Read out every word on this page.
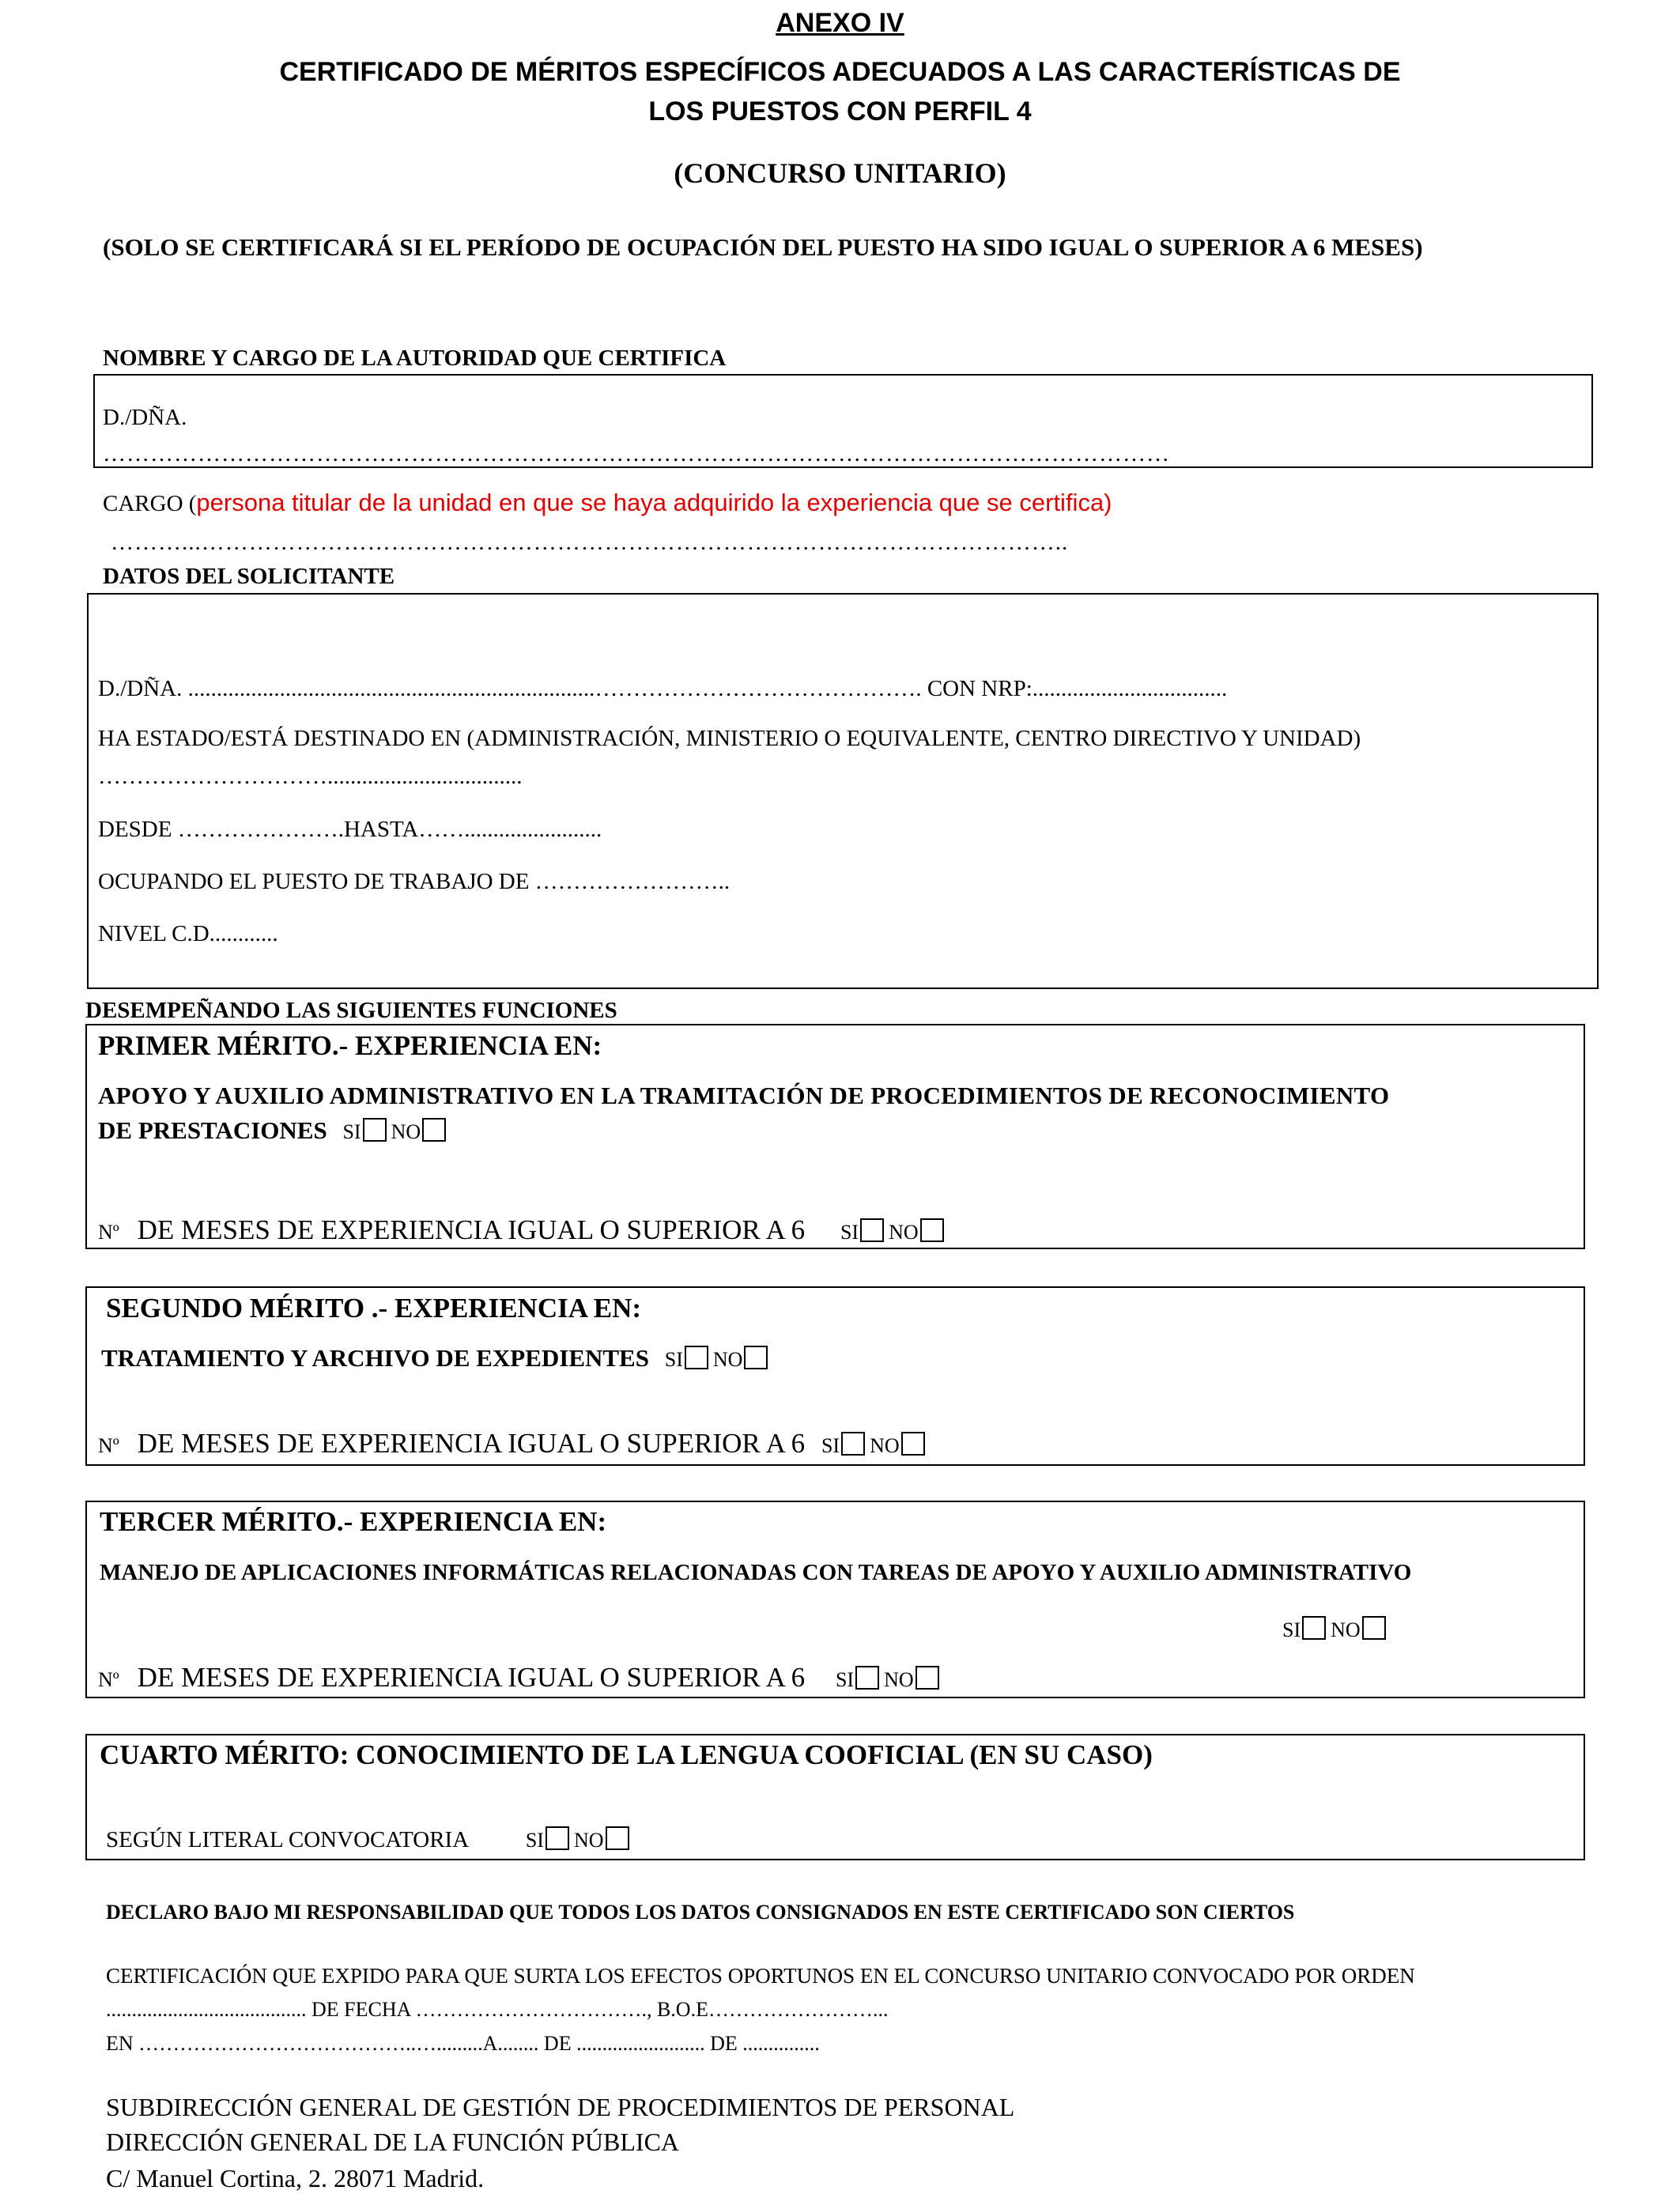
ANEXO IV
CERTIFICADO DE MÉRITOS ESPECÍFICOS ADECUADOS A LAS CARACTERÍSTICAS DE
LOS PUESTOS CON PERFIL 4
(CONCURSO UNITARIO)
(SOLO SE CERTIFICARÁ SI EL PERÍODO DE OCUPACIÓN DEL PUESTO HA SIDO IGUAL O SUPERIOR A 6 MESES)
NOMBRE Y CARGO DE LA AUTORIDAD QUE CERTIFICA
D./DÑA.
………………………………………………………………………………………………………………………
CARGO (persona titular de la unidad en que se haya adquirido la experiencia que se certifica)
………...………………………………………………………………………………………………..
DATOS DEL SOLICITANTE
D./DÑA. .......................................................................……………………………………. CON NRP:..................................
HA ESTADO/ESTÁ DESTINADO EN (ADMINISTRACIÓN, MINISTERIO O EQUIVALENTE, CENTRO DIRECTIVO Y UNIDAD)
…………………………..................................
DESDE ………………….HASTA……........................
OCUPANDO EL PUESTO DE TRABAJO DE ……………………..
NIVEL C.D............
DESEMPEÑANDO LAS SIGUIENTES FUNCIONES
PRIMER MÉRITO.- EXPERIENCIA EN:
APOYO Y AUXILIO ADMINISTRATIVO EN LA TRAMITACIÓN DE PROCEDIMIENTOS DE RECONOCIMIENTO
DE PRESTACIONES SI NO
Nº DE MESES DE EXPERIENCIA IGUAL O SUPERIOR A 6 SI NO
SEGUNDO MÉRITO .- EXPERIENCIA EN:
TRATAMIENTO Y ARCHIVO DE EXPEDIENTES SI NO
Nº DE MESES DE EXPERIENCIA IGUAL O SUPERIOR A 6 SI NO
TERCER MÉRITO.- EXPERIENCIA EN:
MANEJO DE APLICACIONES INFORMÁTICAS RELACIONADAS CON TAREAS DE APOYO Y AUXILIO ADMINISTRATIVO
SI NO
Nº DE MESES DE EXPERIENCIA IGUAL O SUPERIOR A 6 SI NO
CUARTO MÉRITO: CONOCIMIENTO DE LA LENGUA COOFICIAL (EN SU CASO)
SEGÚN LITERAL CONVOCATORIA	SI NO
DECLARO BAJO MI RESPONSABILIDAD QUE TODOS LOS DATOS CONSIGNADOS EN ESTE CERTIFICADO SON CIERTOS
CERTIFICACIÓN QUE EXPIDO PARA QUE SURTA LOS EFECTOS OPORTUNOS EN EL CONCURSO UNITARIO CONVOCADO POR ORDEN
....................................... DE FECHA ……………………………., B.O.E……………………...
EN …………………………………..….........A........ DE ......................... DE ...............
SUBDIRECCIÓN GENERAL DE GESTIÓN DE PROCEDIMIENTOS DE PERSONAL
DIRECCIÓN GENERAL DE LA FUNCIÓN PÚBLICA
C/ Manuel Cortina, 2. 28071 Madrid.
